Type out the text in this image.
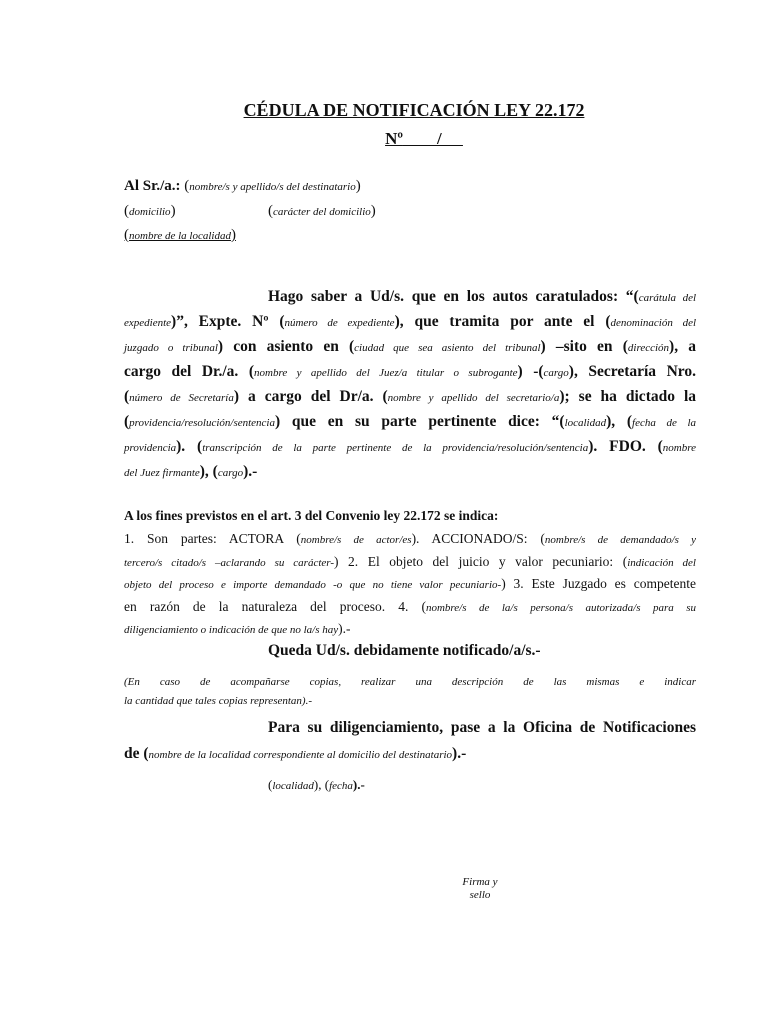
CÉDULA DE NOTIFICACIÓN LEY 22.172
Nº        /
Al Sr./a.: (nombre/s y apellido/s del destinatario)
(domicilio)	(carácter del domicilio)
(nombre de la localidad)
Hago saber a Ud/s. que en los autos caratulados: “(carátula del
expediente)”, Expte. Nº (número de expediente), que tramita por ante el (denominación del
juzgado o tribunal) con asiento en (ciudad que sea asiento del tribunal) –sito en (dirección), a
cargo del Dr./a. (nombre y apellido del Juez/a titular o subrogante) -(cargo), Secretaría Nro.
(número de Secretaría) a cargo del Dr/a. (nombre y apellido del secretario/a); se ha dictado la
(providencia/resolución/sentencia) que en su parte pertinente dice: “(localidad), (fecha de la
providencia). (transcripción de la parte pertinente de la providencia/resolución/sentencia). FDO. (nombre
del Juez firmante), (cargo).-
A los fines previstos en el art. 3 del Convenio ley 22.172 se indica:
1. Son partes: ACTORA (nombre/s de actor/es). ACCIONADO/S: (nombre/s de demandado/s y
tercero/s citado/s –aclarando su carácter-) 2. El objeto del juicio y valor pecuniario: (indicación del
objeto del proceso e importe demandado -o que no tiene valor pecuniario-) 3. Este Juzgado es competente
en razón de la naturaleza del proceso. 4. (nombre/s de la/s persona/s autorizada/s para su
diligenciamiento o indicación de que no la/s hay).-
Queda Ud/s. debidamente notificado/a/s.-
(En caso de acompañarse copias, realizar una descripción de las mismas e indicar
la cantidad que tales copias representan).-
Para su diligenciamiento, pase a la Oficina de Notificaciones
de (nombre de la localidad correspondiente al domicilio del destinatario).-
(localidad), (fecha).-
Firma y
sello
